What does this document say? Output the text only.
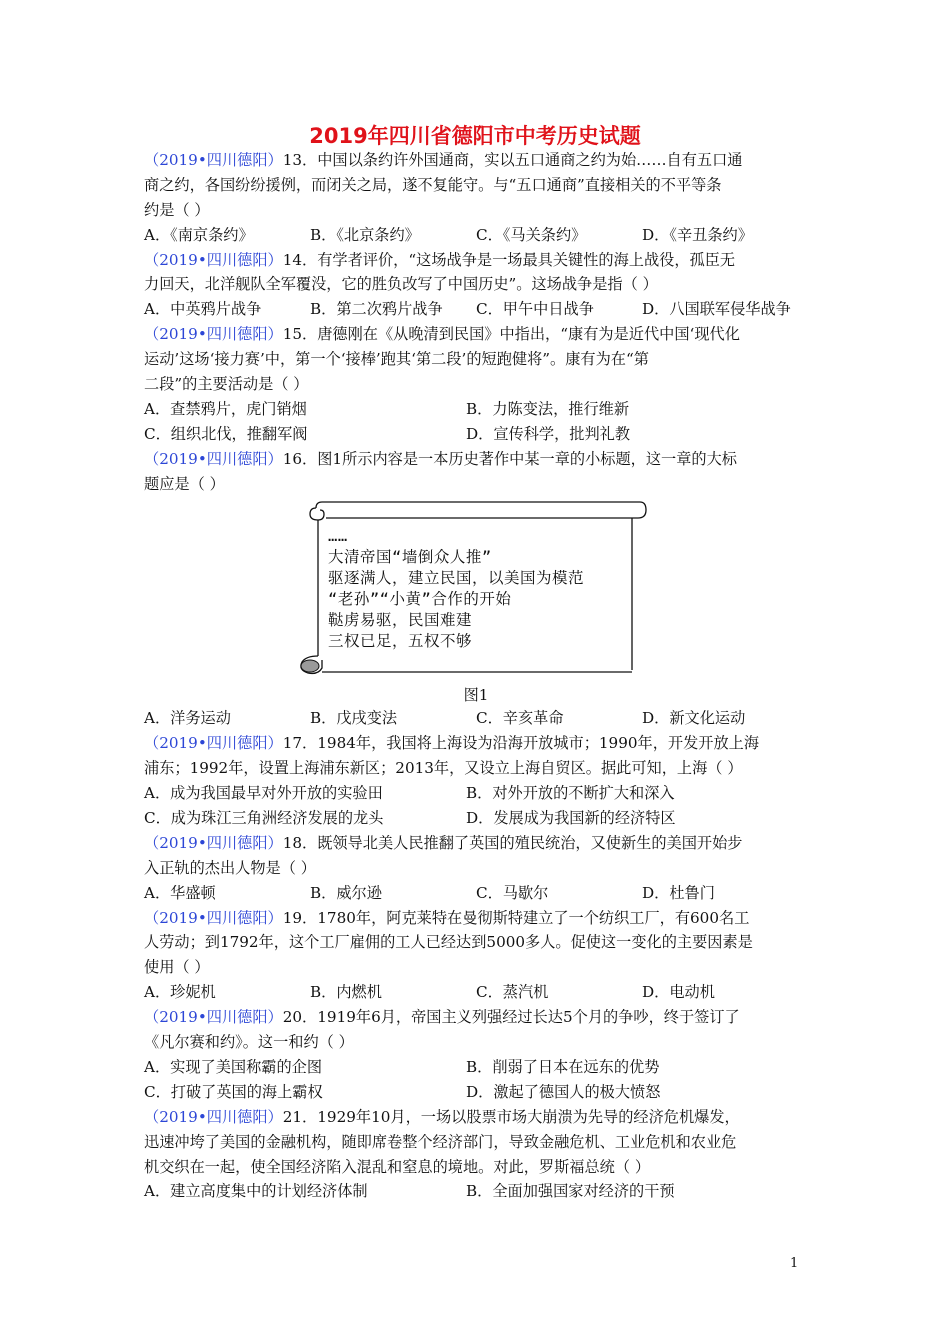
2019年四川省德阳市中考历史试题
（2019•四川德阳）13．中国以条约许外国通商，实以五口通商之约为始……自有五口通
商之约，各国纷纷援例，而闭关之局，遂不复能守。与“五口通商”直接相关的不平等条
约是（ ）
A．《南京条约》	B．《北京条约》	C．《马关条约》	D．《辛丑条约》
（2019•四川德阳）14．有学者评价，“这场战争是一场最具关键性的海上战役，孤臣无
力回天，北洋舰队全军覆没，它的胜负改写了中国历史”。这场战争是指（ ）
A．中英鸦片战争	B．第二次鸦片战争	C．甲午中日战争	D．八国联军侵华战争
（2019•四川德阳）15．唐德刚在《从晚清到民国》中指出，“康有为是近代中国‘现代化
运动’这场‘接力赛’中，第一个‘接棒’跑其‘第二段’的短跑健将”。康有为在“第
二段”的主要活动是（ ）
A．查禁鸦片，虎门销烟	B．力陈变法，推行维新
C．组织北伐，推翻军阀	D．宣传科学，批判礼教
（2019•四川德阳）16．图1所示内容是一本历史著作中某一章的小标题，这一章的大标
题应是（ ）
……
大清帝国“墙倒众人推”
驱逐满人，建立民国，以美国为模范
“老孙”“小黄”合作的开始
鞑虏易驱，民国难建
三权已足，五权不够
图1
A．洋务运动	B．戊戌变法	C．辛亥革命	D．新文化运动
（2019•四川德阳）17．1984年，我国将上海设为沿海开放城市；1990年，开发开放上海
浦东；1992年，设置上海浦东新区；2013年，又设立上海自贸区。据此可知，上海（ ）
A．成为我国最早对外开放的实验田	B．对外开放的不断扩大和深入
C．成为珠江三角洲经济发展的龙头	D．发展成为我国新的经济特区
（2019•四川德阳）18．既领导北美人民推翻了英国的殖民统治，又使新生的美国开始步
入正轨的杰出人物是（ ）
A．华盛顿	B．威尔逊	C．马歇尔	D．杜鲁门
（2019•四川德阳）19．1780年，阿克莱特在曼彻斯特建立了一个纺织工厂，有600名工
人劳动；到1792年，这个工厂雇佣的工人已经达到5000多人。促使这一变化的主要因素是
使用（ ）
A．珍妮机	B．内燃机	C．蒸汽机	D．电动机
（2019•四川德阳）20．1919年6月，帝国主义列强经过长达5个月的争吵，终于签订了
《凡尔赛和约》。这一和约（ ）
A．实现了美国称霸的企图	B．削弱了日本在远东的优势
C．打破了英国的海上霸权	D．激起了德国人的极大愤怒
（2019•四川德阳）21．1929年10月，一场以股票市场大崩溃为先导的经济危机爆发，
迅速冲垮了美国的金融机构，随即席卷整个经济部门，导致金融危机、工业危机和农业危
机交织在一起，使全国经济陷入混乱和窒息的境地。对此，罗斯福总统（ ）
A．建立高度集中的计划经济体制	B．全面加强国家对经济的干预
1
